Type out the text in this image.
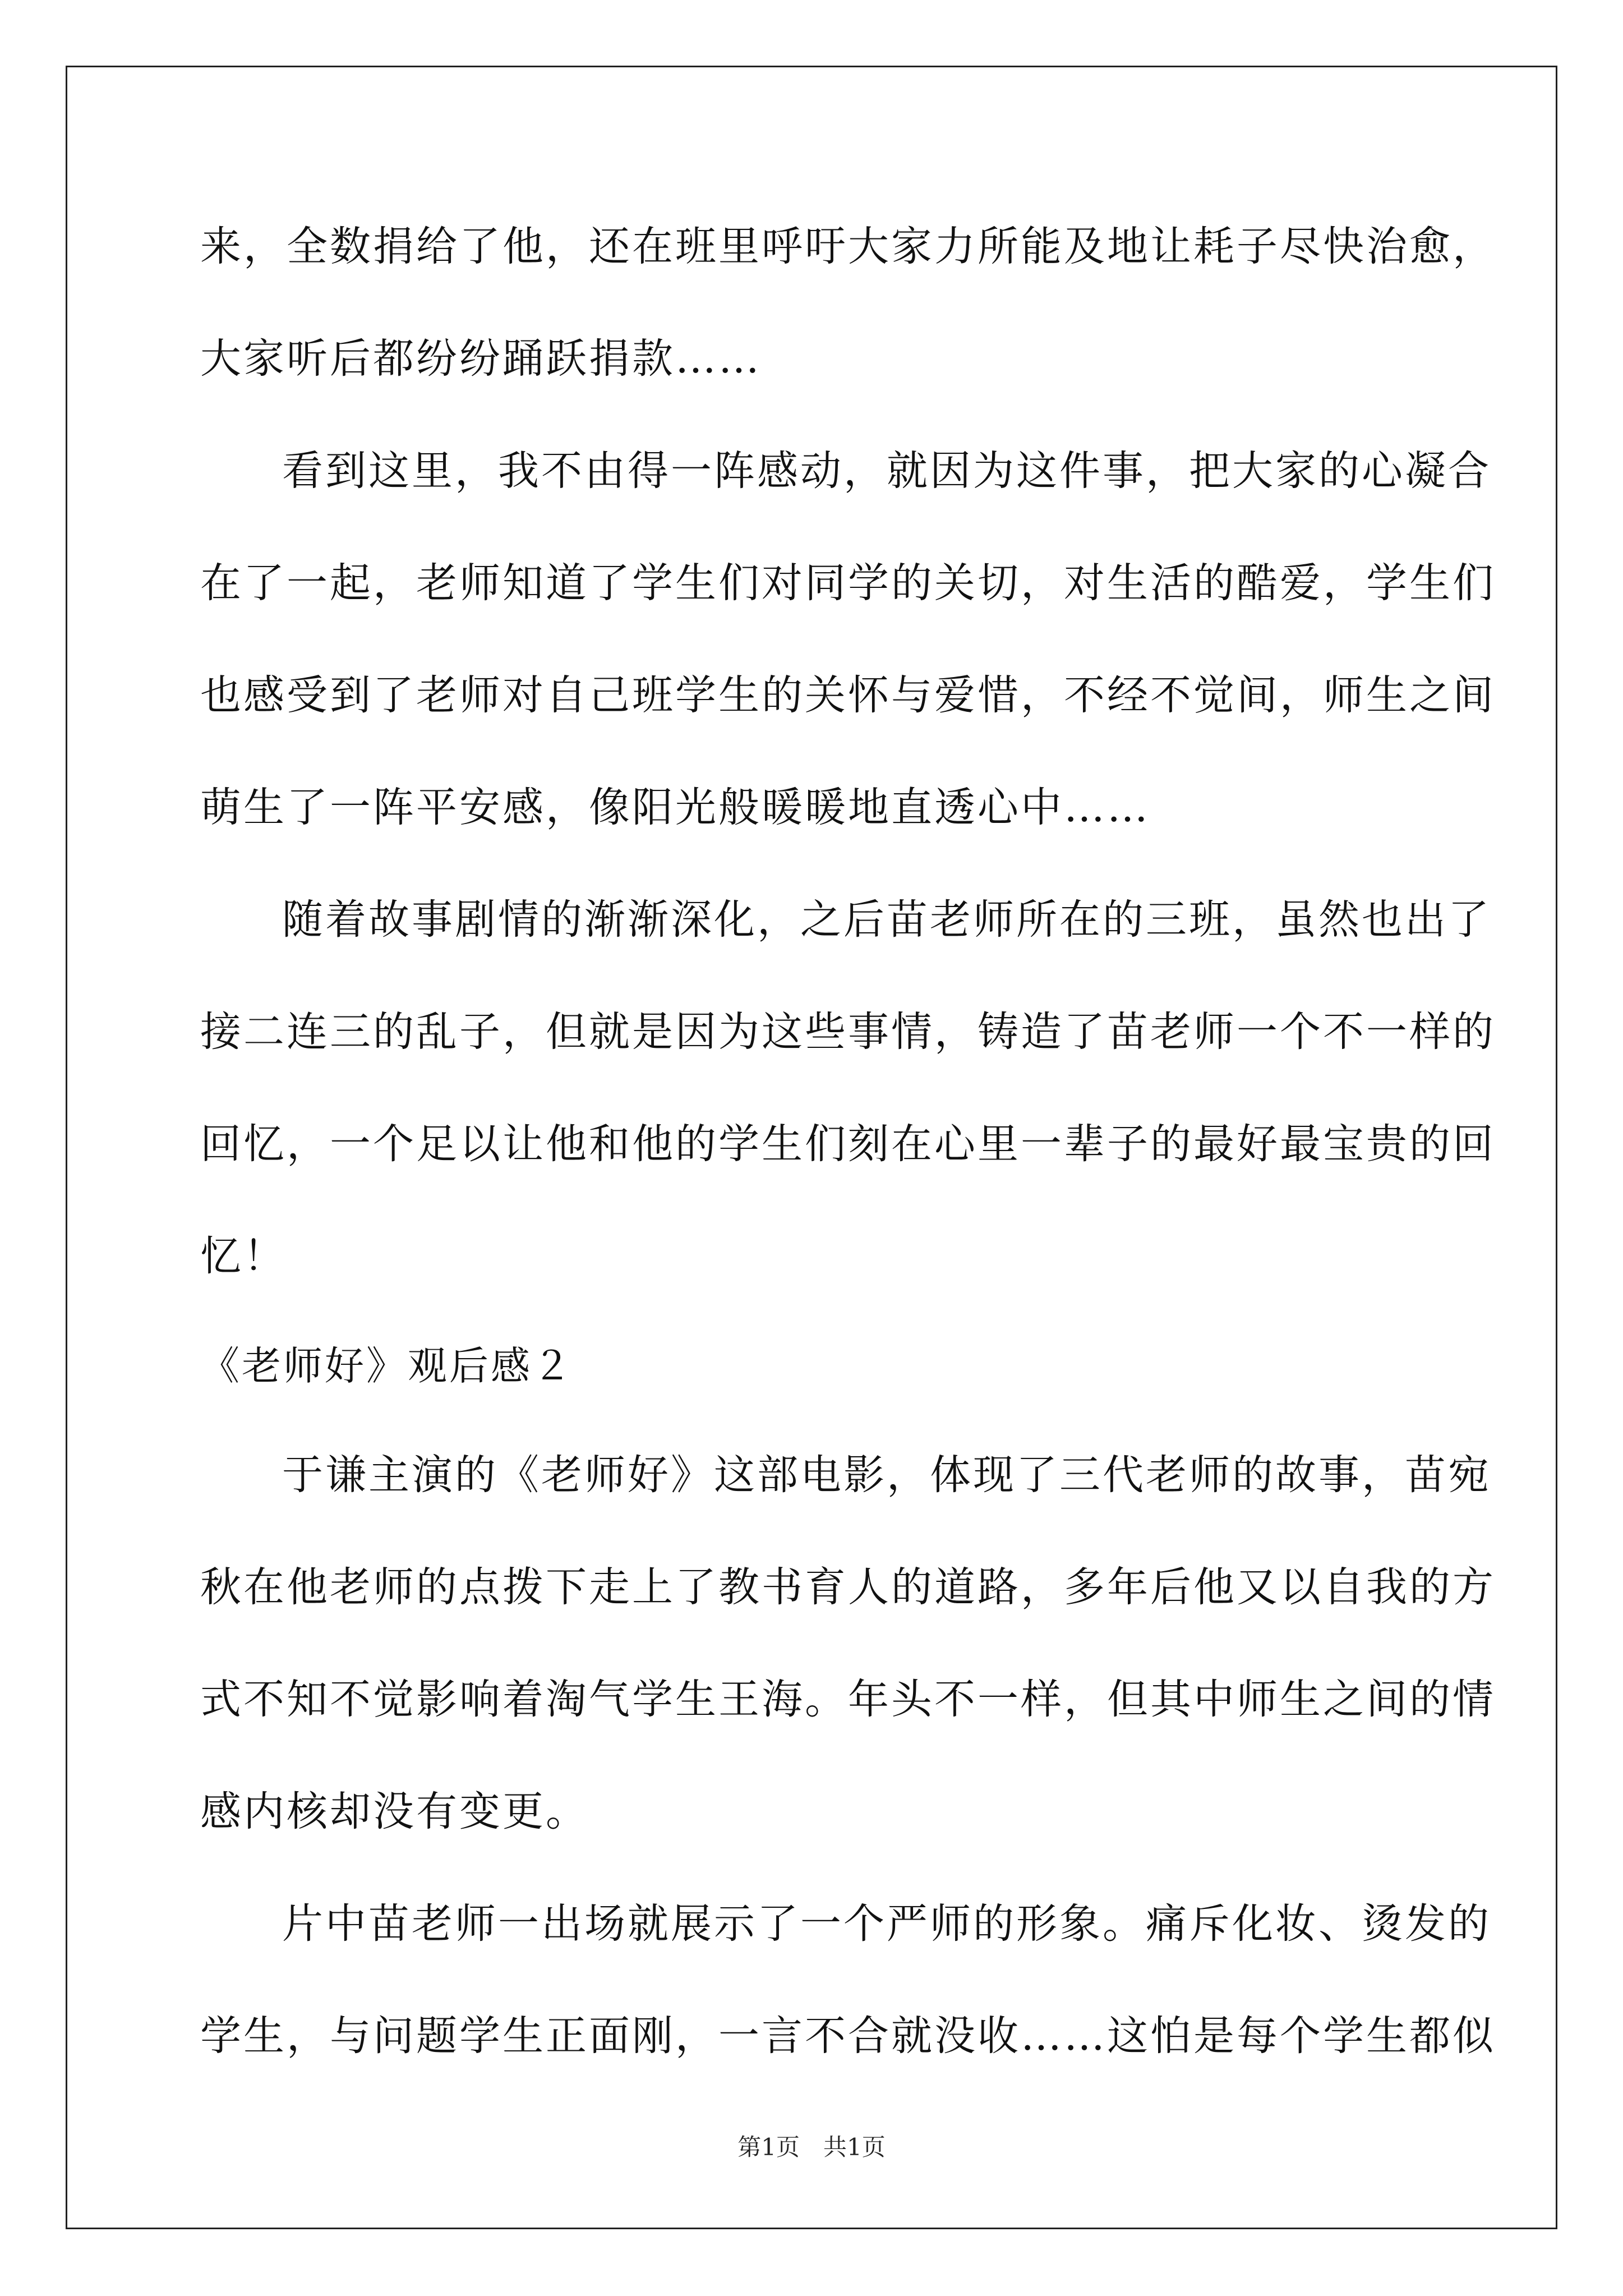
来，全数捐给了他，还在班里呼吁大家力所能及地让耗子尽快治愈，
大家听后都纷纷踊跃捐款……
看到这里，我不由得一阵感动，就因为这件事，把大家的心凝合
在了一起，老师知道了学生们对同学的关切，对生活的酷爱，学生们
也感受到了老师对自己班学生的关怀与爱惜，不经不觉间，师生之间
萌生了一阵平安感，像阳光般暖暖地直透心中……
随着故事剧情的渐渐深化，之后苗老师所在的三班，虽然也出了
接二连三的乱子，但就是因为这些事情，铸造了苗老师一个不一样的
回忆，一个足以让他和他的学生们刻在心里一辈子的最好最宝贵的回
忆！
《老师好》观后感２
于谦主演的《老师好》这部电影，体现了三代老师的故事，苗宛
秋在他老师的点拨下走上了教书育人的道路，多年后他又以自我的方
式不知不觉影响着淘气学生王海。年头不一样，但其中师生之间的情
感内核却没有变更。
片中苗老师一出场就展示了一个严师的形象。痛斥化妆、烫发的
学生，与问题学生正面刚，一言不合就没收……这怕是每个学生都似
第1页　共1页
